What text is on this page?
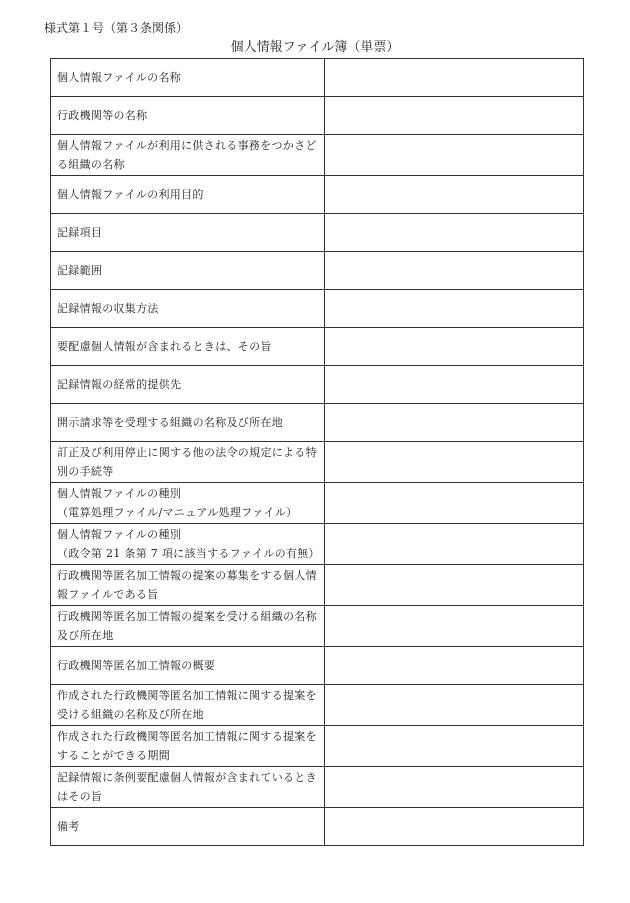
様式第１号（第３条関係）
個人情報ファイル簿（単票）
個人情報ファイルの名称	

行政機関等の名称	

個人情報ファイルが利用に供される事務をつかさどる組織の名称	

個人情報ファイルの利用目的	

記録項目	

記録範囲	

記録情報の収集方法	

要配慮個人情報が含まれるときは、その旨	

記録情報の経常的提供先	

開示請求等を受理する組織の名称及び所在地	

訂正及び利用停止に関する他の法令の規定による特別の手続等	

個人情報ファイルの種別
（電算処理ファイル/マニュアル処理ファイル）	

個人情報ファイルの種別
（政令第 21 条第 7 項に該当するファイルの有無）	

行政機関等匿名加工情報の提案の募集をする個人情報ファイルである旨	

行政機関等匿名加工情報の提案を受ける組織の名称及び所在地	

行政機関等匿名加工情報の概要	

作成された行政機関等匿名加工情報に関する提案を受ける組織の名称及び所在地	

作成された行政機関等匿名加工情報に関する提案をすることができる期間	

記録情報に条例要配慮個人情報が含まれているときはその旨	

備考	
